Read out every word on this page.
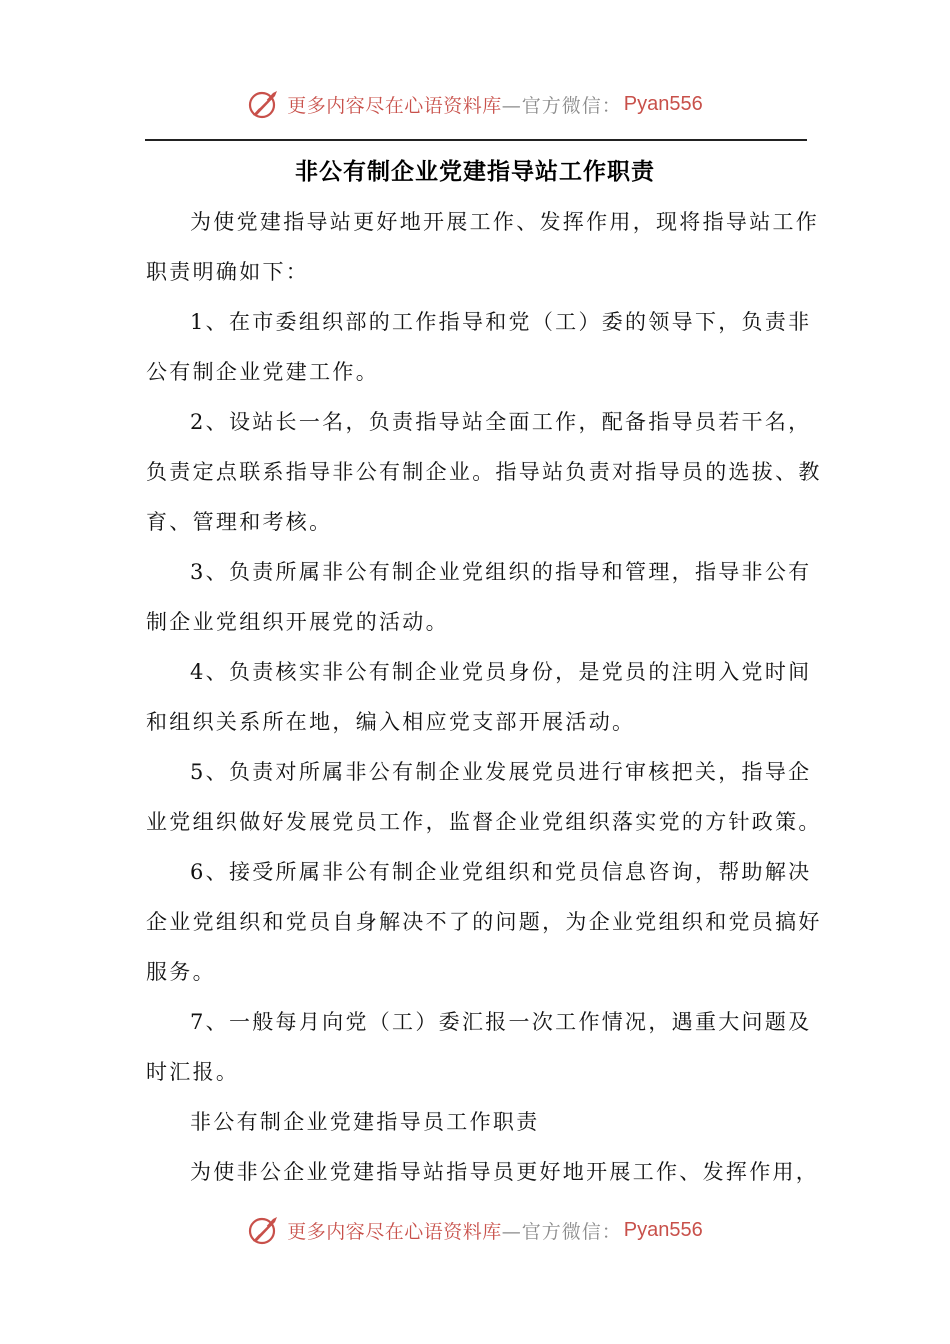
更多内容尽在心语资料库 —官方微信： Pyan556
非公有制企业党建指导站工作职责

为使党建指导站更好地开展工作、发挥作用，现将指导站工作职责明确如下：

1、在市委组织部的工作指导和党（工）委的领导下，负责非公有制企业党建工作。

2、设站长一名，负责指导站全面工作，配备指导员若干名，负责定点联系指导非公有制企业。指导站负责对指导员的选拔、教育、管理和考核。

3、负责所属非公有制企业党组织的指导和管理，指导非公有制企业党组织开展党的活动。

4、负责核实非公有制企业党员身份，是党员的注明入党时间和组织关系所在地，编入相应党支部开展活动。

5、负责对所属非公有制企业发展党员进行审核把关，指导企业党组织做好发展党员工作，监督企业党组织落实党的方针政策。

6、接受所属非公有制企业党组织和党员信息咨询，帮助解决企业党组织和党员自身解决不了的问题，为企业党组织和党员搞好服务。

7、一般每月向党（工）委汇报一次工作情况，遇重大问题及时汇报。

非公有制企业党建指导员工作职责

为使非公企业党建指导站指导员更好地开展工作、发挥作用，

更多内容尽在心语资料库 —官方微信： Pyan556
